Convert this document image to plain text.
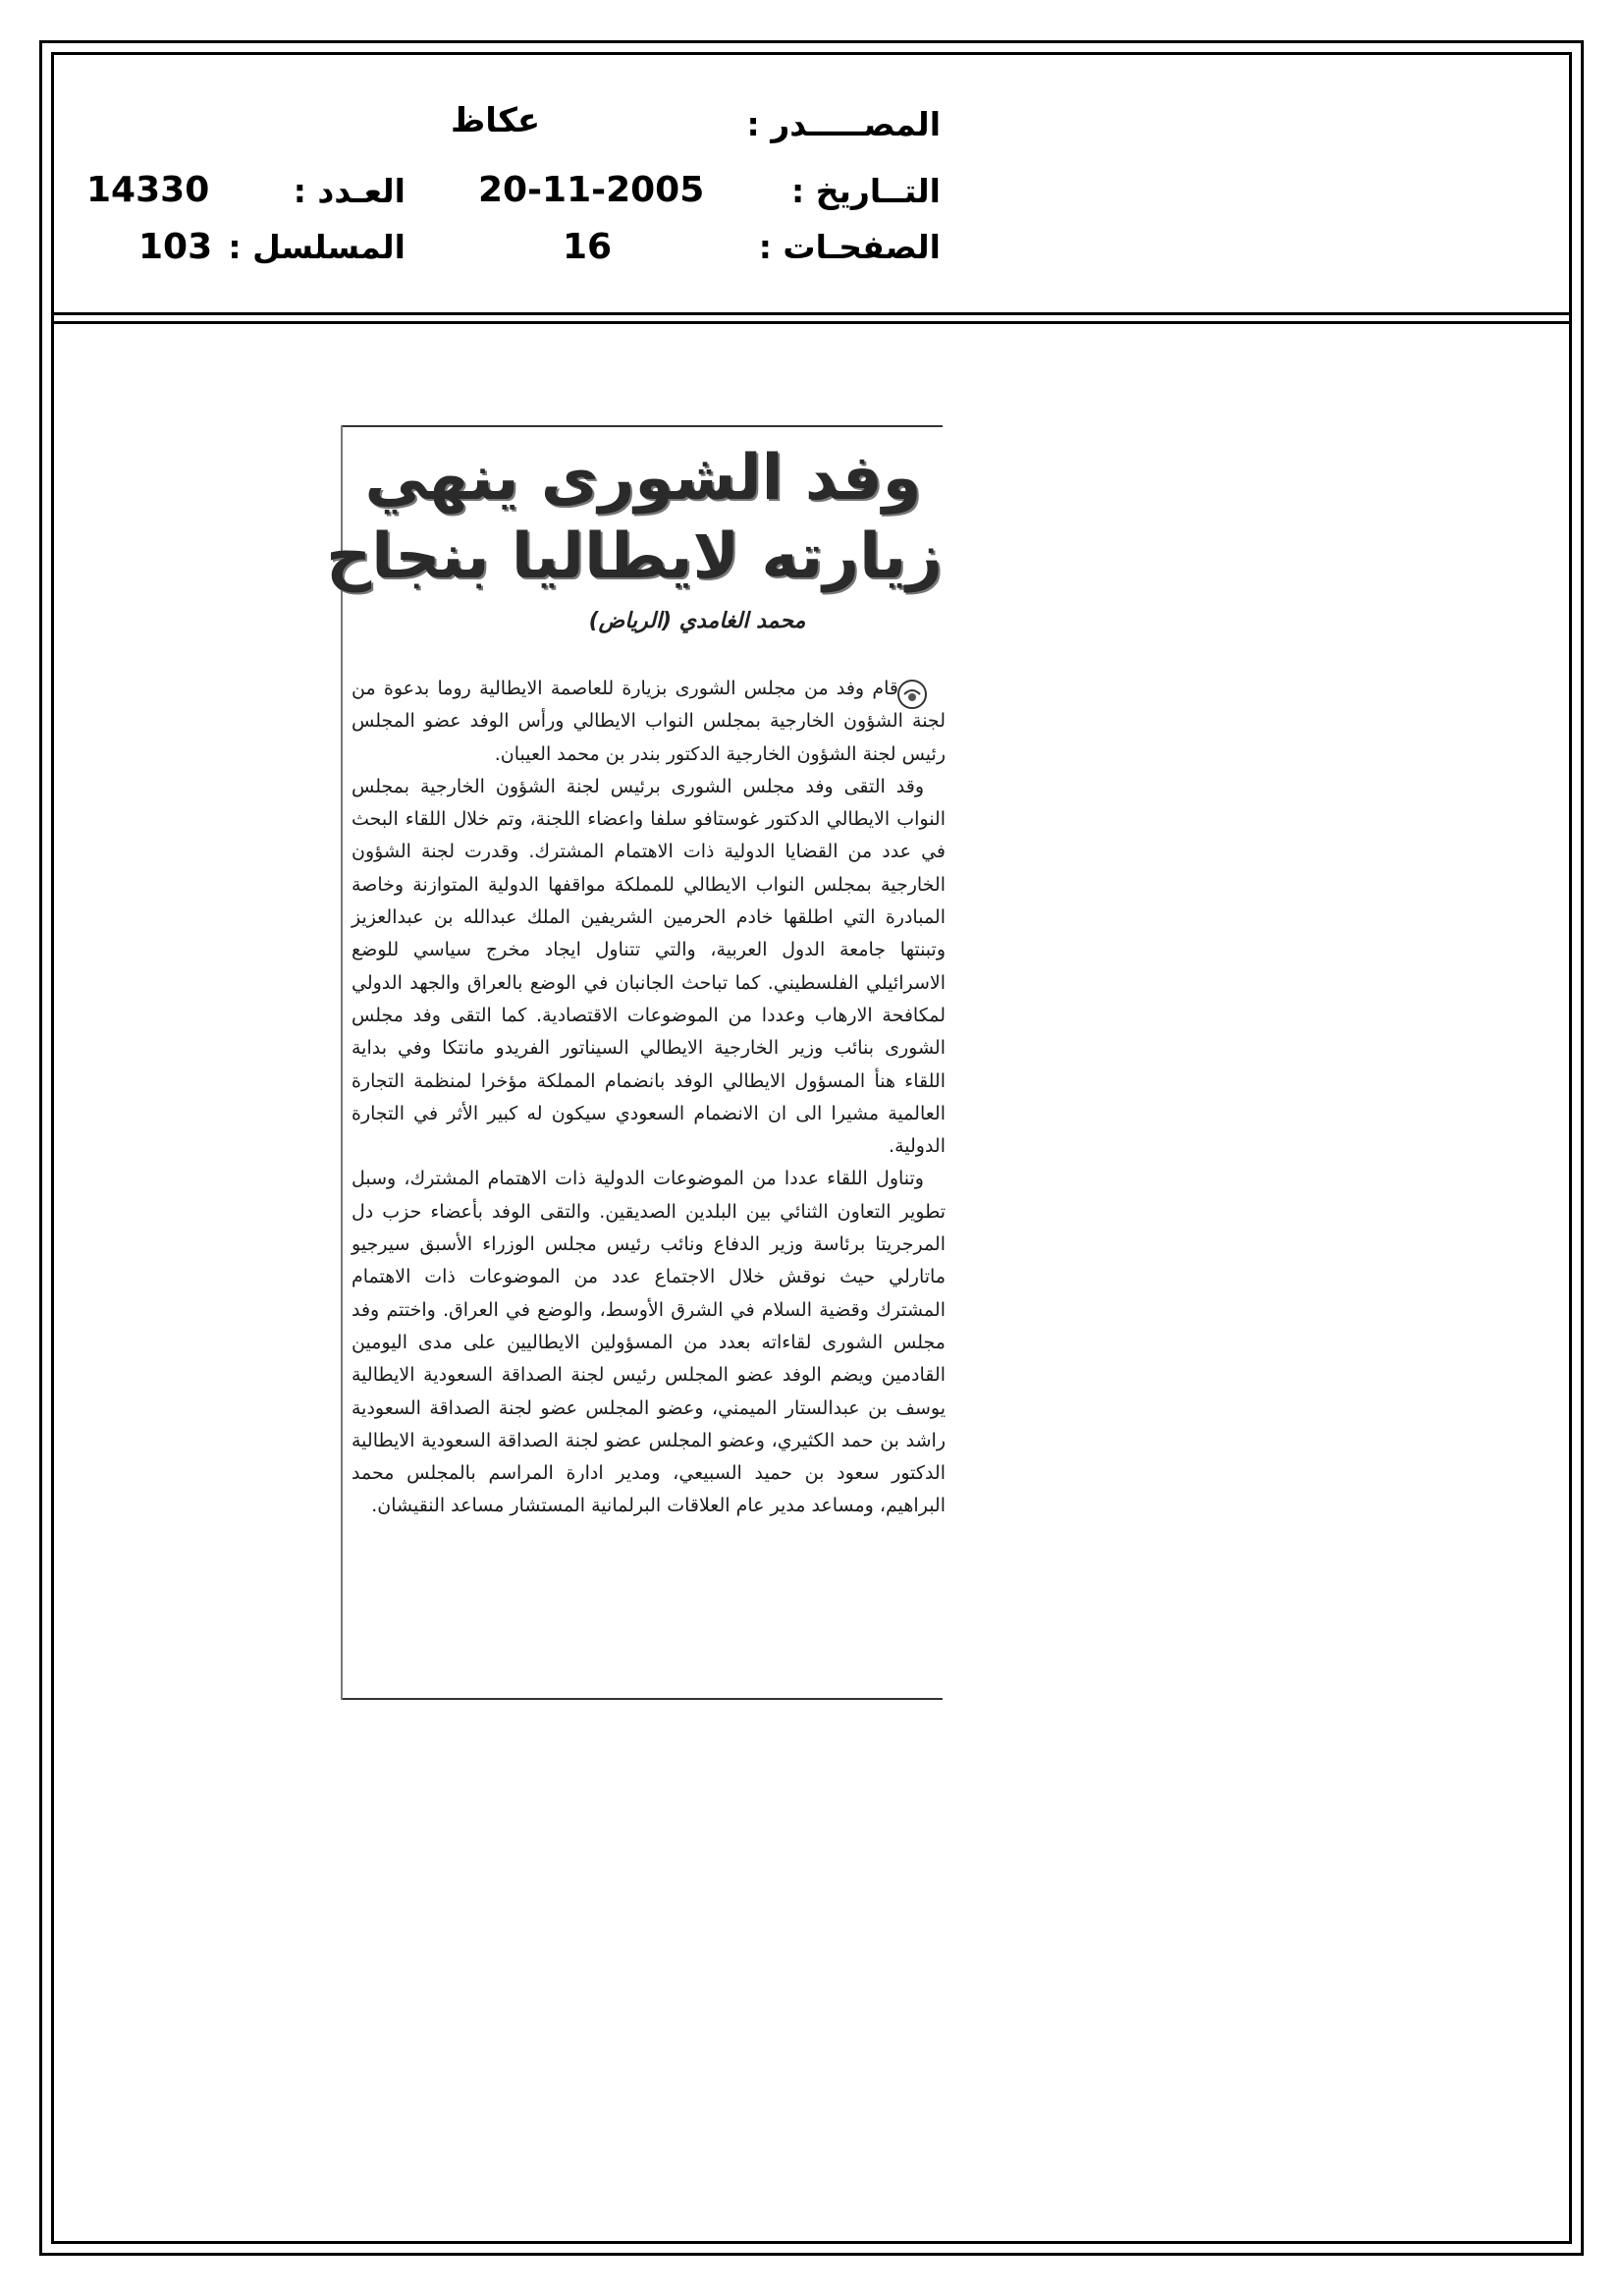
المصـــــدر :
عكاظ
التــاريخ :
20-11-2005
العـدد :
14330
الصفحـات :
16
المسلسل :
103
وفد الشورى ينهي
زيارته لايطاليا بنجاح
محمد الغامدي (الرياض)

قام وفد من مجلس الشورى بزيارة للعاصمة الايطالية روما بدعوة من لجنة الشؤون الخارجية بمجلس النواب الايطالي ورأس الوفد عضو المجلس رئيس لجنة الشؤون الخارجية الدكتور بندر بن محمد العيبان.

وقد التقى وفد مجلس الشورى برئيس لجنة الشؤون الخارجية بمجلس النواب الايطالي الدكتور غوستافو سلفا واعضاء اللجنة، وتم خلال اللقاء البحث في عدد من القضايا الدولية ذات الاهتمام المشترك. وقدرت لجنة الشؤون الخارجية بمجلس النواب الايطالي للمملكة مواقفها الدولية المتوازنة وخاصة المبادرة التي اطلقها خادم الحرمين الشريفين الملك عبدالله بن عبدالعزيز وتبنتها جامعة الدول العربية، والتي تتناول ايجاد مخرج سياسي للوضع الاسرائيلي الفلسطيني. كما تباحث الجانبان في الوضع بالعراق والجهد الدولي لمكافحة الارهاب وعددا من الموضوعات الاقتصادية. كما التقى وفد مجلس الشورى بنائب وزير الخارجية الايطالي السيناتور الفريدو مانتكا وفي بداية اللقاء هنأ المسؤول الايطالي الوفد بانضمام المملكة مؤخرا لمنظمة التجارة العالمية مشيرا الى ان الانضمام السعودي سيكون له كبير الأثر في التجارة الدولية.

وتناول اللقاء عددا من الموضوعات الدولية ذات الاهتمام المشترك، وسبل تطوير التعاون الثنائي بين البلدين الصديقين. والتقى الوفد بأعضاء حزب دل المرجريتا برئاسة وزير الدفاع ونائب رئيس مجلس الوزراء الأسبق سيرجيو ماتارلي حيث نوقش خلال الاجتماع عدد من الموضوعات ذات الاهتمام المشترك وقضية السلام في الشرق الأوسط، والوضع في العراق. واختتم وفد مجلس الشورى لقاءاته بعدد من المسؤولين الايطاليين على مدى اليومين القادمين ويضم الوفد عضو المجلس رئيس لجنة الصداقة السعودية الايطالية يوسف بن عبدالستار الميمني، وعضو المجلس عضو لجنة الصداقة السعودية راشد بن حمد الكثيري، وعضو المجلس عضو لجنة الصداقة السعودية الايطالية الدكتور سعود بن حميد السبيعي، ومدير ادارة المراسم بالمجلس محمد البراهيم، ومساعد مدير عام العلاقات البرلمانية المستشار مساعد النقيشان.
